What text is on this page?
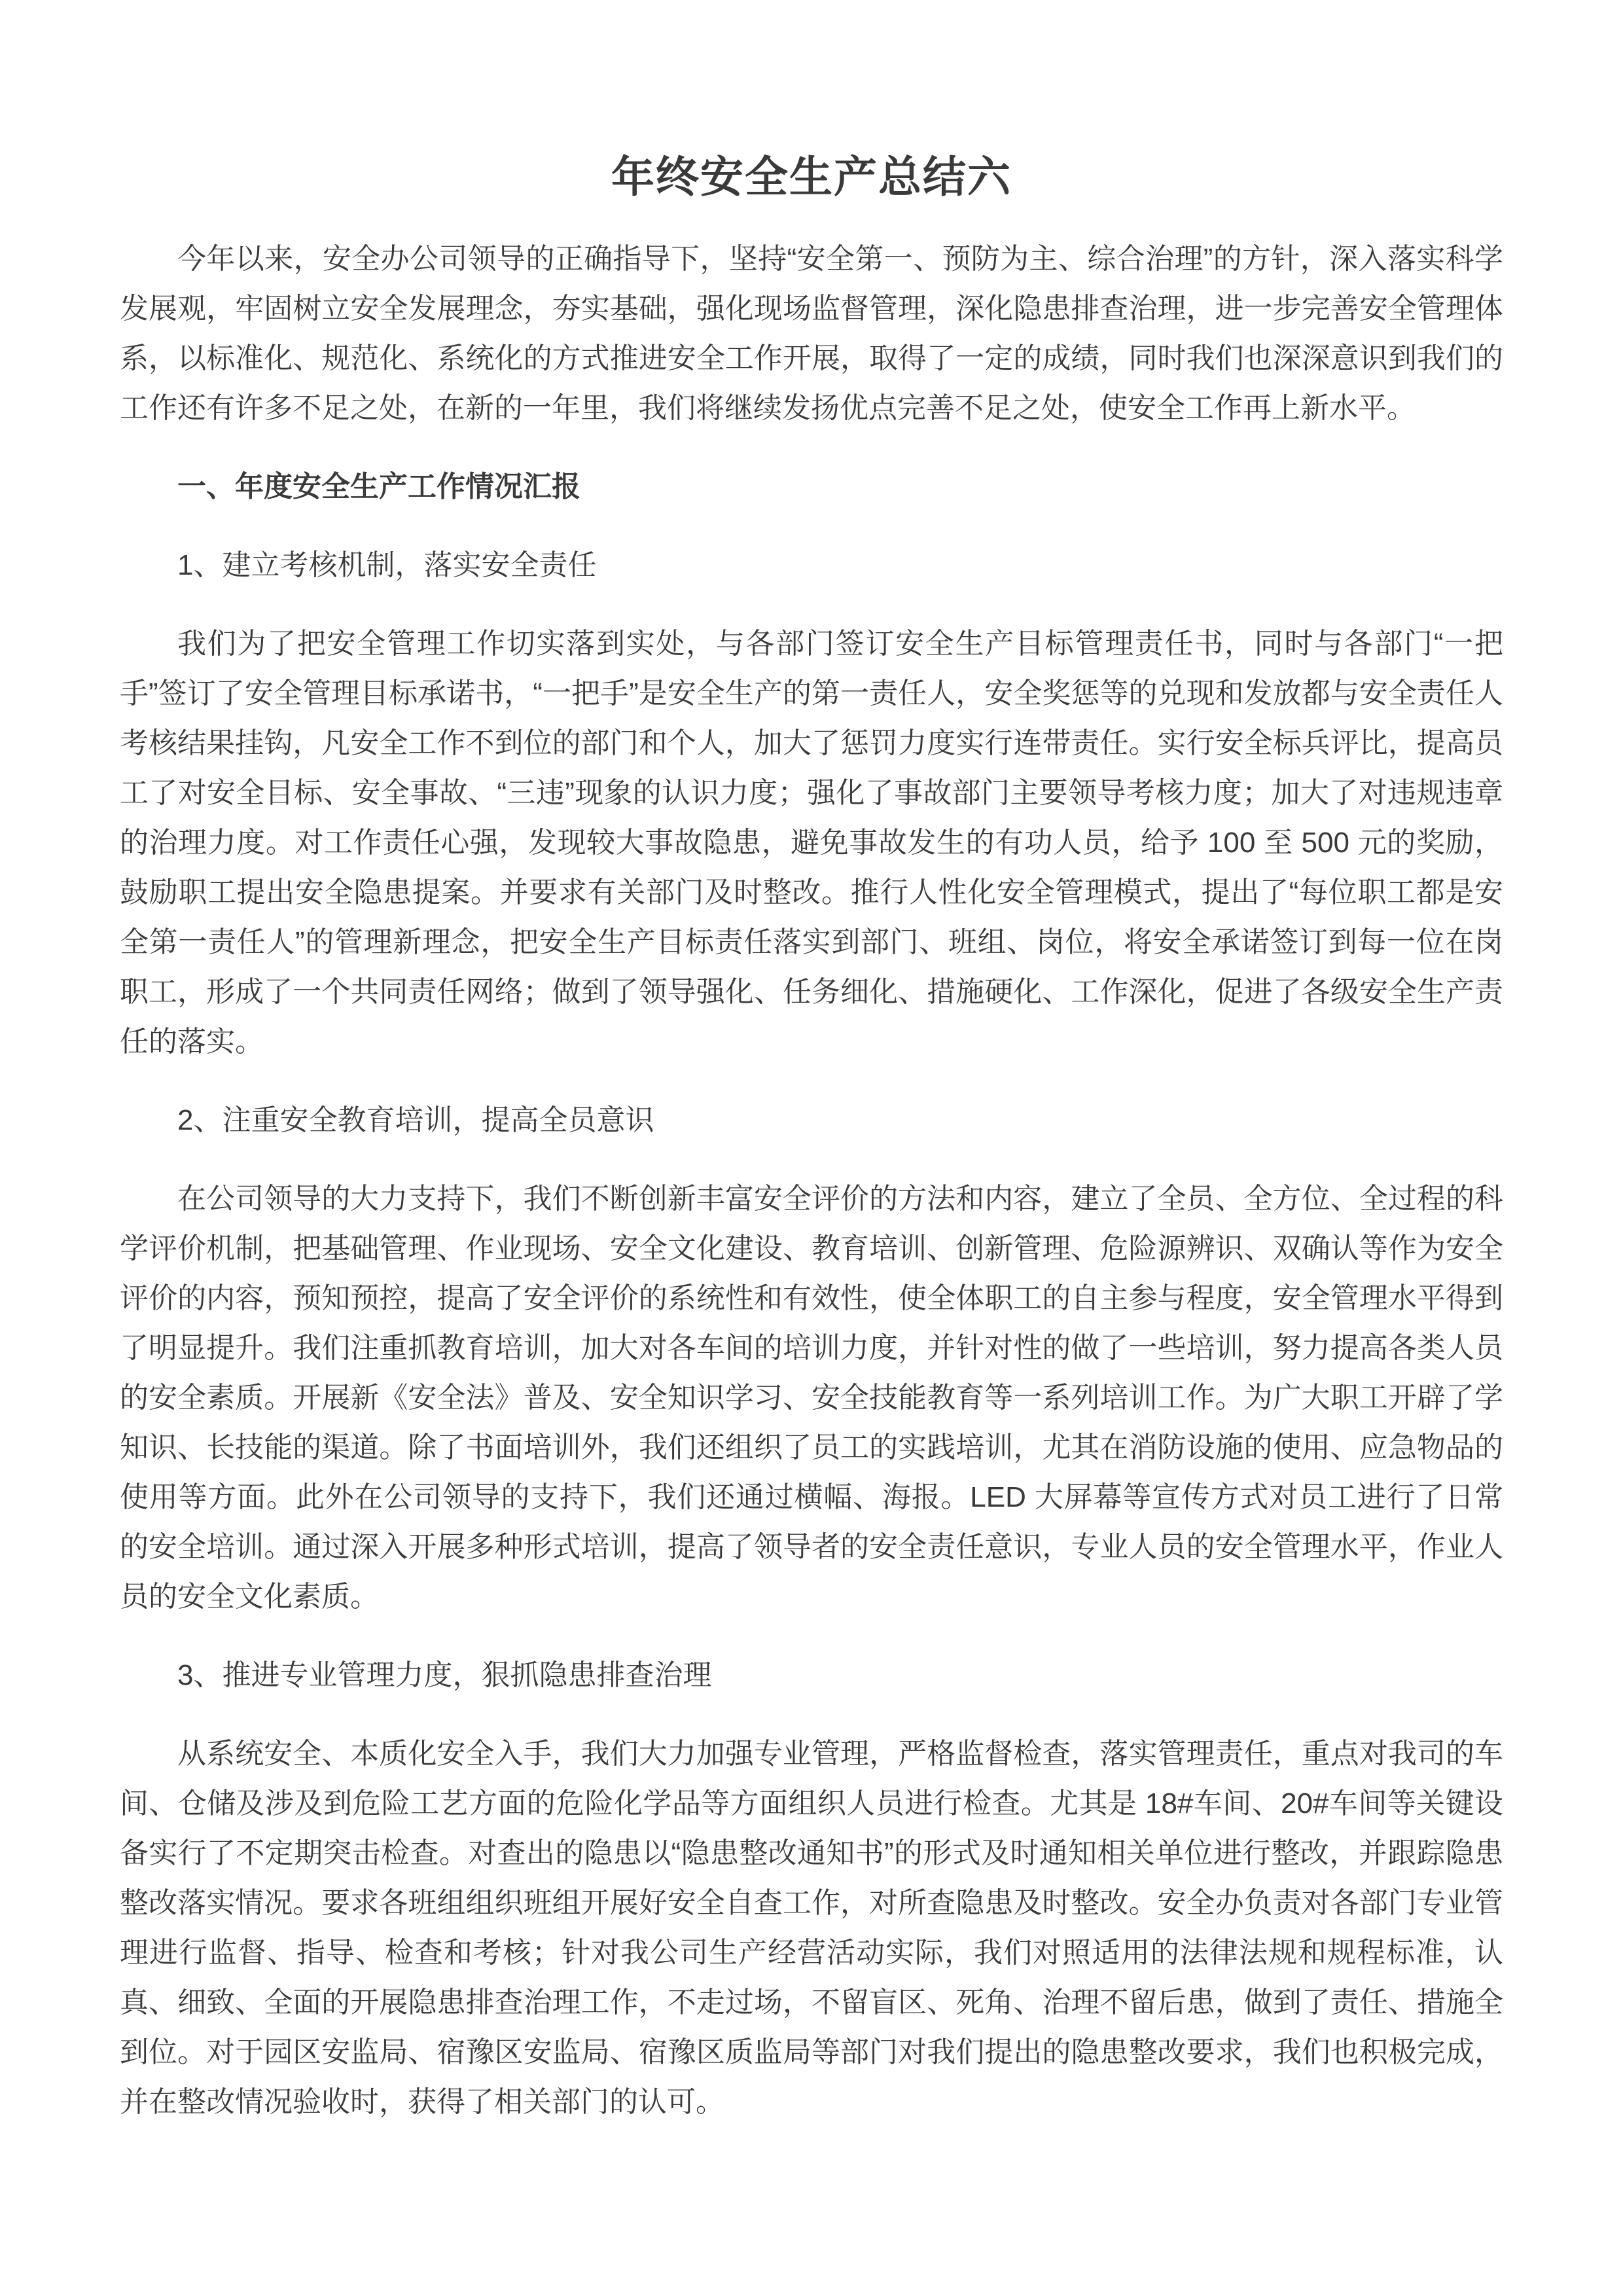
年终安全生产总结六

今年以来，安全办公司领导的正确指导下，坚持“安全第一、预防为主、综合治理”的方针，深入落实科学发展观，牢固树立安全发展理念，夯实基础，强化现场监督管理，深化隐患排查治理，进一步完善安全管理体系，以标准化、规范化、系统化的方式推进安全工作开展，取得了一定的成绩，同时我们也深深意识到我们的工作还有许多不足之处，在新的一年里，我们将继续发扬优点完善不足之处，使安全工作再上新水平。

一、年度安全生产工作情况汇报
1、建立考核机制，落实安全责任

我们为了把安全管理工作切实落到实处，与各部门签订安全生产目标管理责任书，同时与各部门“一把手”签订了安全管理目标承诺书，“一把手”是安全生产的第一责任人，安全奖惩等的兑现和发放都与安全责任人考核结果挂钩，凡安全工作不到位的部门和个人，加大了惩罚力度实行连带责任。实行安全标兵评比，提高员工了对安全目标、安全事故、“三违”现象的认识力度；强化了事故部门主要领导考核力度；加大了对违规违章的治理力度。对工作责任心强，发现较大事故隐患，避免事故发生的有功人员，给予 100 至 500 元的奖励，鼓励职工提出安全隐患提案。并要求有关部门及时整改。推行人性化安全管理模式，提出了“每位职工都是安全第一责任人”的管理新理念，把安全生产目标责任落实到部门、班组、岗位，将安全承诺签订到每一位在岗职工，形成了一个共同责任网络；做到了领导强化、任务细化、措施硬化、工作深化，促进了各级安全生产责任的落实。

2、注重安全教育培训，提高全员意识

在公司领导的大力支持下，我们不断创新丰富安全评价的方法和内容，建立了全员、全方位、全过程的科学评价机制，把基础管理、作业现场、安全文化建设、教育培训、创新管理、危险源辨识、双确认等作为安全评价的内容，预知预控，提高了安全评价的系统性和有效性，使全体职工的自主参与程度，安全管理水平得到了明显提升。我们注重抓教育培训，加大对各车间的培训力度，并针对性的做了一些培训，努力提高各类人员的安全素质。开展新《安全法》普及、安全知识学习、安全技能教育等一系列培训工作。为广大职工开辟了学知识、长技能的渠道。除了书面培训外，我们还组织了员工的实践培训，尤其在消防设施的使用、应急物品的使用等方面。此外在公司领导的支持下，我们还通过横幅、海报。LED 大屏幕等宣传方式对员工进行了日常的安全培训。通过深入开展多种形式培训，提高了领导者的安全责任意识，专业人员的安全管理水平，作业人员的安全文化素质。

3、推进专业管理力度，狠抓隐患排查治理

从系统安全、本质化安全入手，我们大力加强专业管理，严格监督检查，落实管理责任，重点对我司的车间、仓储及涉及到危险工艺方面的危险化学品等方面组织人员进行检查。尤其是 18#车间、20#车间等关键设备实行了不定期突击检查。对查出的隐患以“隐患整改通知书”的形式及时通知相关单位进行整改，并跟踪隐患整改落实情况。要求各班组组织班组开展好安全自查工作，对所查隐患及时整改。安全办负责对各部门专业管理进行监督、指导、检查和考核；针对我公司生产经营活动实际，我们对照适用的法律法规和规程标准，认真、细致、全面的开展隐患排查治理工作，不走过场，不留盲区、死角、治理不留后患，做到了责任、措施全到位。对于园区安监局、宿豫区安监局、宿豫区质监局等部门对我们提出的隐患整改要求，我们也积极完成，并在整改情况验收时，获得了相关部门的认可。
